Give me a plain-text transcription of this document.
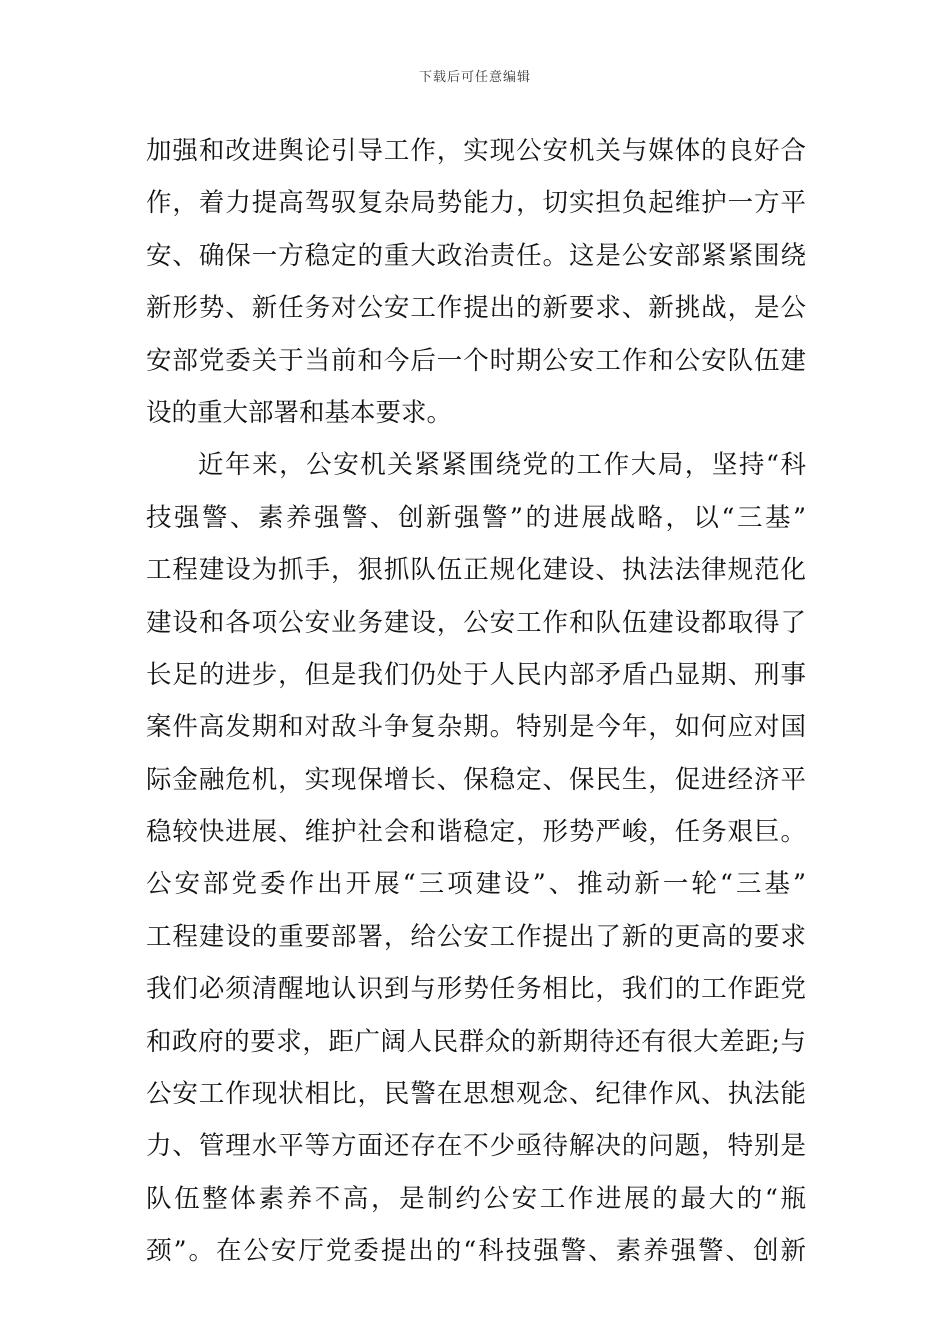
下载后可任意编辑
加强和改进舆论引导工作，实现公安机关与媒体的良好合
作，着力提高驾驭复杂局势能力，切实担负起维护一方平
安、确保一方稳定的重大政治责任。这是公安部紧紧围绕
新形势、新任务对公安工作提出的新要求、新挑战，是公
安部党委关于当前和今后一个时期公安工作和公安队伍建
设的重大部署和基本要求。
近年来，公安机关紧紧围绕党的工作大局，坚持“科
技强警、素养强警、创新强警”的进展战略，以“三基”
工程建设为抓手，狠抓队伍正规化建设、执法法律规范化
建设和各项公安业务建设，公安工作和队伍建设都取得了
长足的进步，但是我们仍处于人民内部矛盾凸显期、刑事
案件高发期和对敌斗争复杂期。特别是今年，如何应对国
际金融危机，实现保增长、保稳定、保民生，促进经济平
稳较快进展、维护社会和谐稳定，形势严峻，任务艰巨。
公安部党委作出开展“三项建设”、推动新一轮“三基”
工程建设的重要部署，给公安工作提出了新的更高的要求
我们必须清醒地认识到与形势任务相比，我们的工作距党
和政府的要求，距广阔人民群众的新期待还有很大差距;与
公安工作现状相比，民警在思想观念、纪律作风、执法能
力、管理水平等方面还存在不少亟待解决的问题，特别是
队伍整体素养不高，是制约公安工作进展的最大的“瓶
颈”。在公安厅党委提出的“科技强警、素养强警、创新
